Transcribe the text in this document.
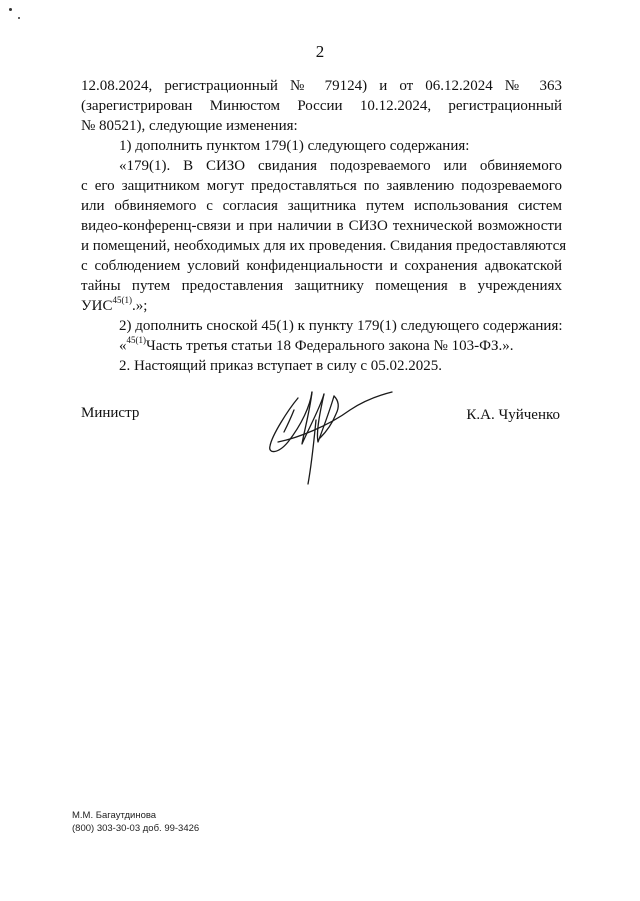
2
12.08.2024, регистрационный № 79124) и от 06.12.2024 № 363
(зарегистрирован Минюстом России 10.12.2024, регистрационный
№ 80521), следующие изменения:
1) дополнить пунктом 179(1) следующего содержания:
«179(1). В СИЗО свидания подозреваемого или обвиняемого
с его защитником могут предоставляться по заявлению подозреваемого
или обвиняемого с согласия защитника путем использования систем
видео-конференц-связи и при наличии в СИЗО технической возможности
и помещений, необходимых для их проведения. Свидания предоставляются
с соблюдением условий конфиденциальности и сохранения адвокатской
тайны путем предоставления защитнику помещения в учреждениях
$УИС^{45(1)}$.»;
2) дополнить сноской 45(1) к пункту 179(1) следующего содержания:
«$^{45(1)}$Часть третья статьи 18 Федерального закона № 103-ФЗ.».
2. Настоящий приказ вступает в силу с 05.02.2025.
Министр	К.А. Чуйченко
М.М. Багаутдинова
(800) 303-30-03 доб. 99-3426
